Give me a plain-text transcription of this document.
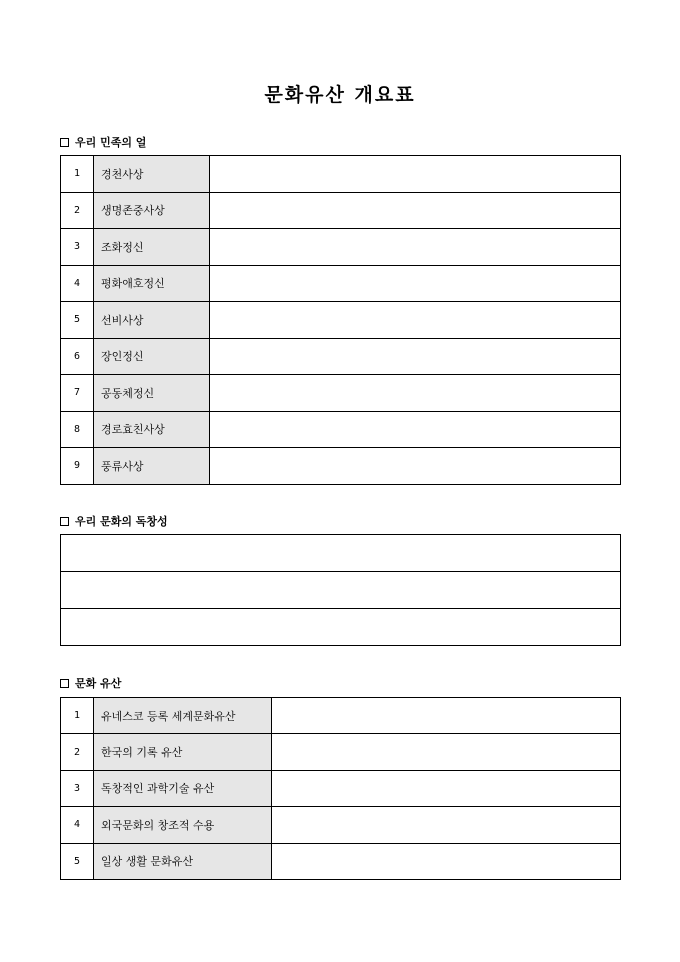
문화유산 개요표
우리 민족의 얼
1	경천사상	
2	생명존중사상	
3	조화정신	
4	평화애호정신	
5	선비사상	
6	장인정신	
7	공동체정신	
8	경로효친사상	
9	풍류사상	
우리 문화의 독창성

문화 유산
1	유네스코 등록 세계문화유산	
2	한국의 기록 유산	
3	독창적인 과학기술 유산	
4	외국문화의 창조적 수용	
5	일상 생활 문화유산	
